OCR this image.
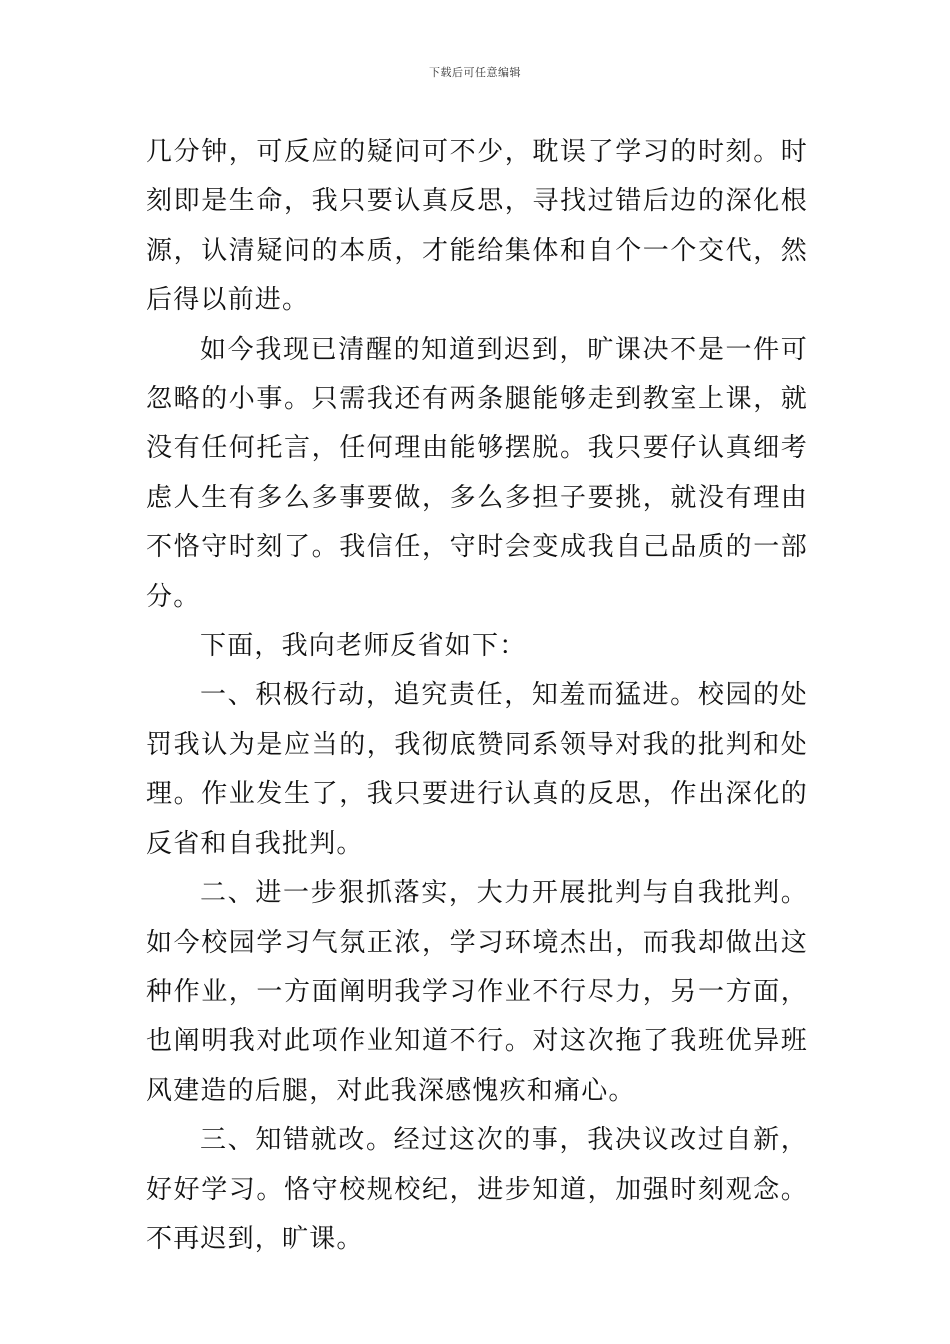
下载后可任意编辑

几分钟，可反应的疑问可不少，耽误了学习的时刻。时刻即是生命，我只要认真反思，寻找过错后边的深化根源，认清疑问的本质，才能给集体和自个一个交代，然后得以前进。

如今我现已清醒的知道到迟到，旷课决不是一件可忽略的小事。只需我还有两条腿能够走到教室上课，就没有任何托言，任何理由能够摆脱。我只要仔认真细考虑人生有多么多事要做，多么多担子要挑，就没有理由不恪守时刻了。我信任，守时会变成我自己品质的一部分。

下面，我向老师反省如下：

一、积极行动，追究责任，知羞而猛进。校园的处罚我认为是应当的，我彻底赞同系领导对我的批判和处理。作业发生了，我只要进行认真的反思，作出深化的反省和自我批判。

二、进一步狠抓落实，大力开展批判与自我批判。如今校园学习气氛正浓，学习环境杰出，而我却做出这种作业，一方面阐明我学习作业不行尽力，另一方面，也阐明我对此项作业知道不行。对这次拖了我班优异班风建造的后腿，对此我深感愧疚和痛心。

三、知错就改。经过这次的事，我决议改过自新，好好学习。恪守校规校纪，进步知道，加强时刻观念。不再迟到，旷课。
